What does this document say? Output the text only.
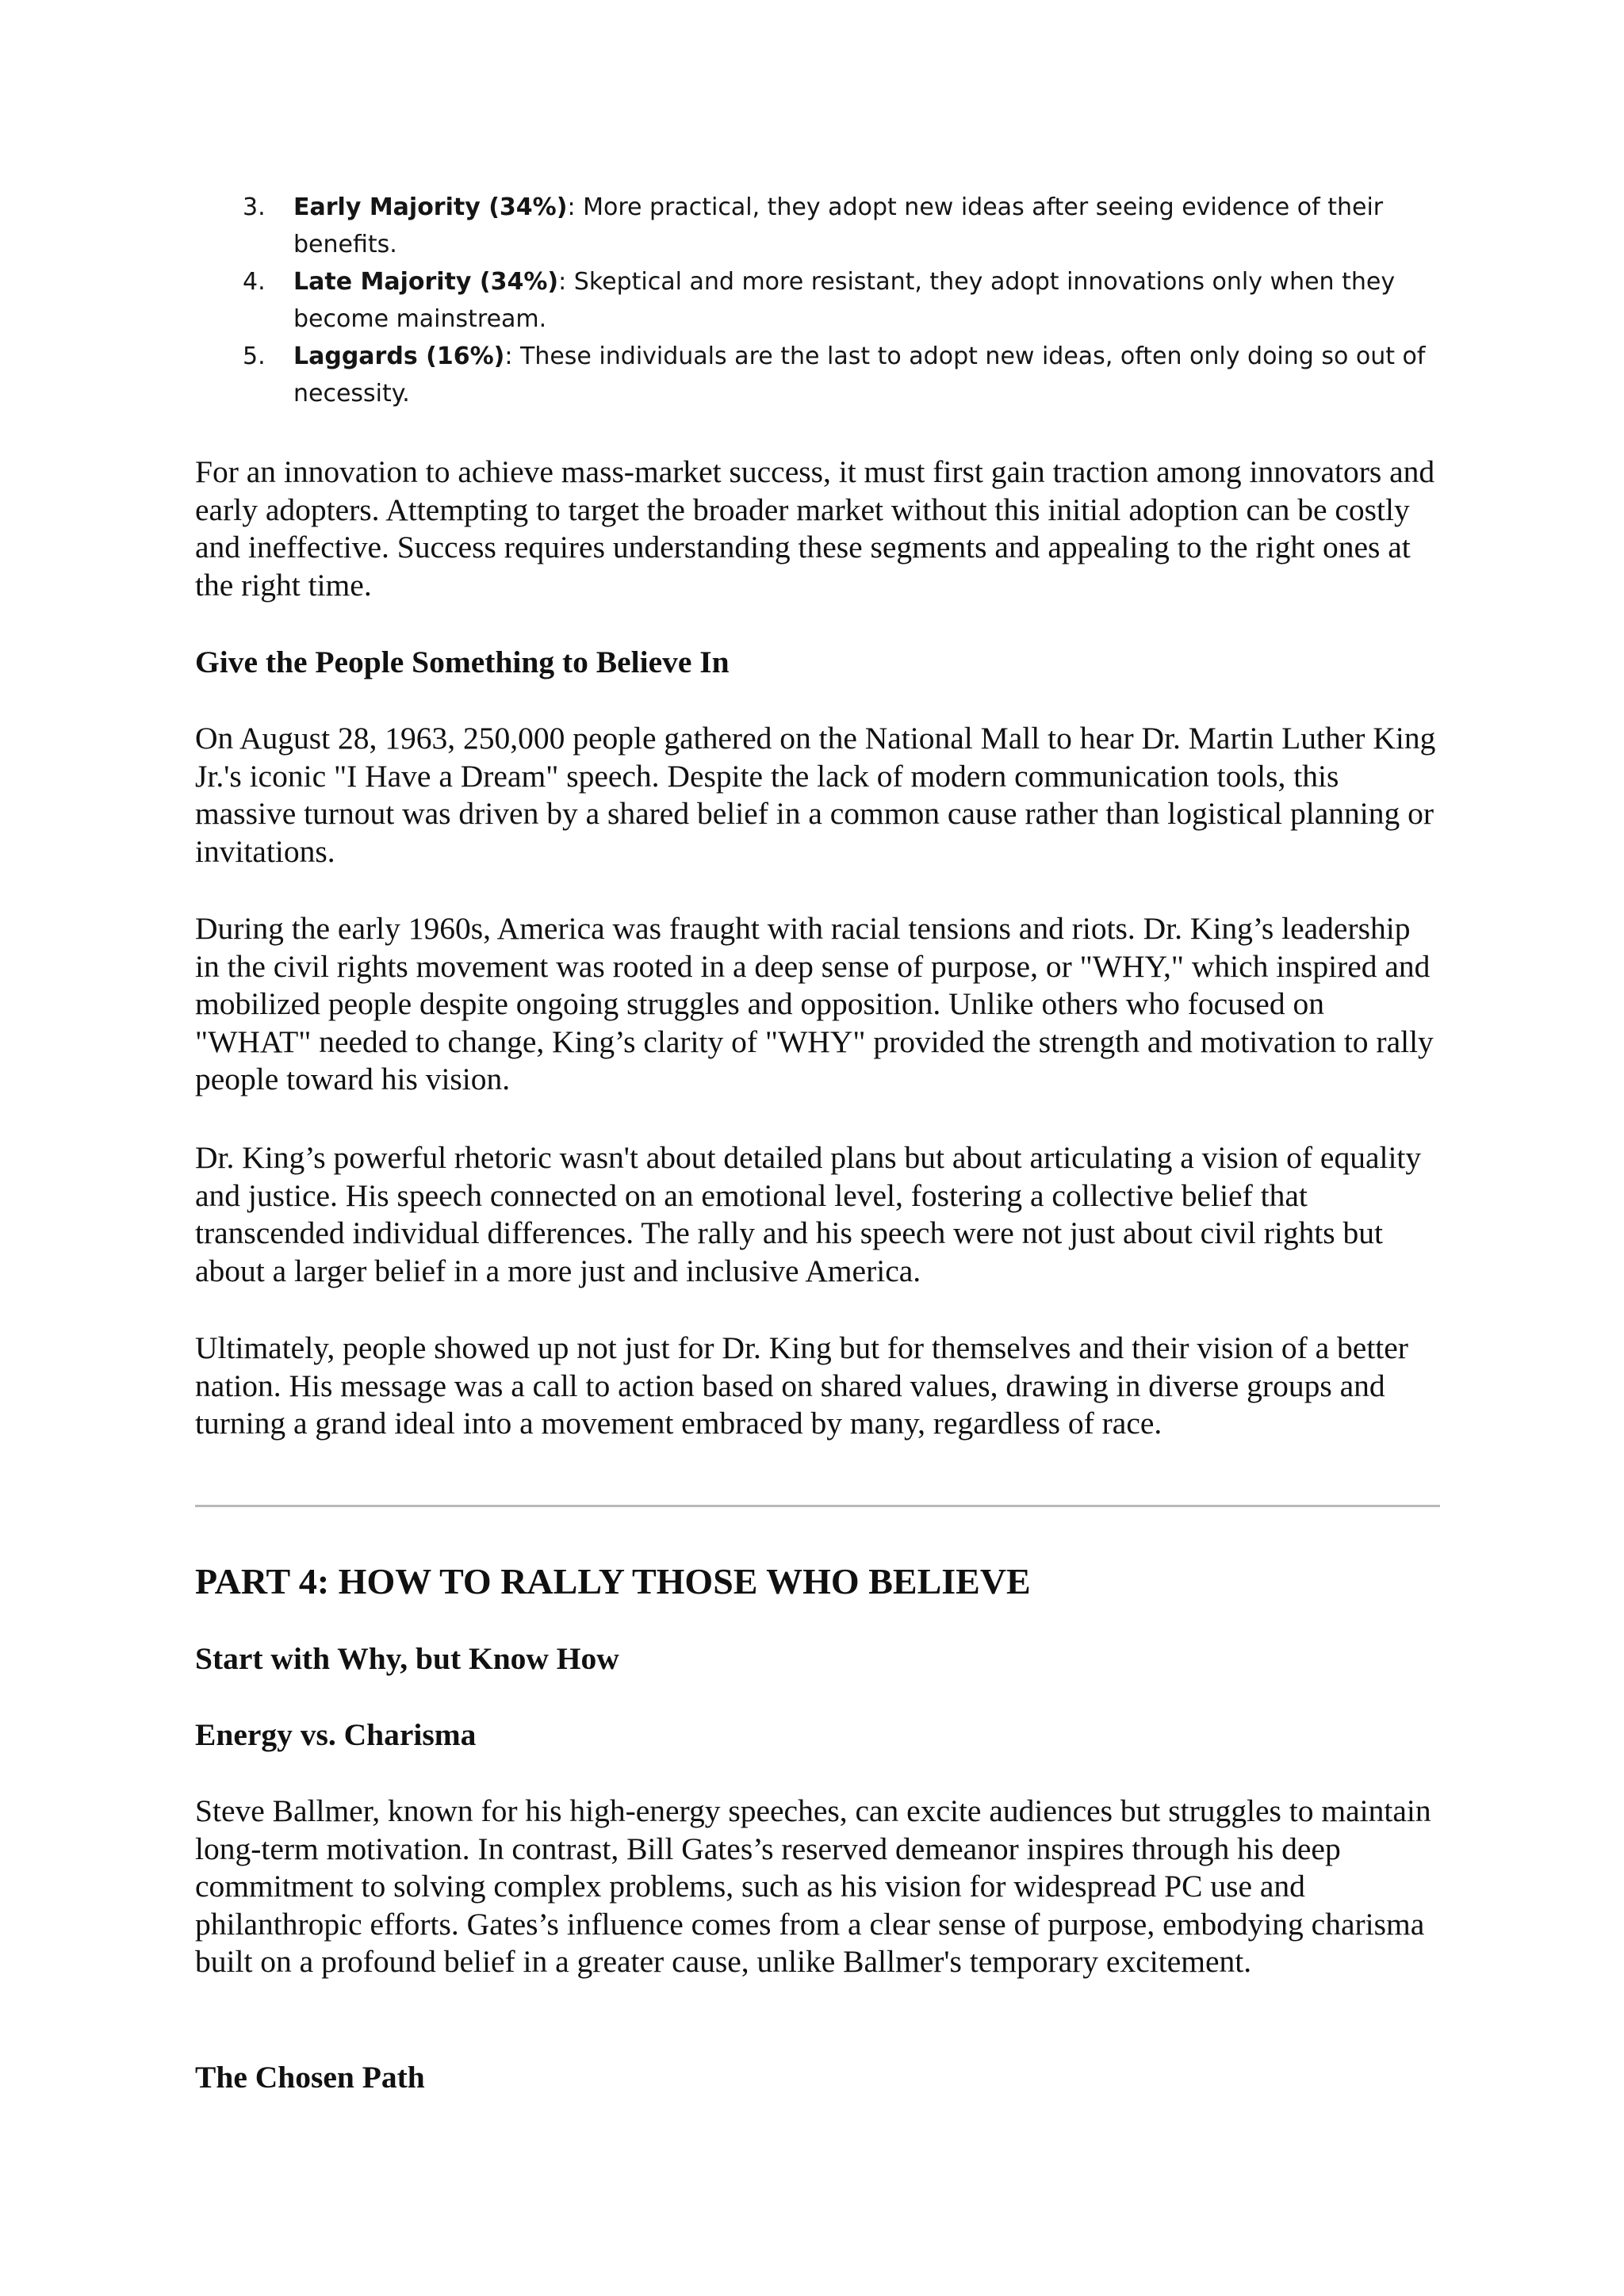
3. Early Majority (34%): More practical, they adopt new ideas after seeing evidence of their benefits.
4. Late Majority (34%): Skeptical and more resistant, they adopt innovations only when they become mainstream.
5. Laggards (16%): These individuals are the last to adopt new ideas, often only doing so out of necessity.

For an innovation to achieve mass-market success, it must first gain traction among innovators and early adopters. Attempting to target the broader market without this initial adoption can be costly and ineffective. Success requires understanding these segments and appealing to the right ones at the right time.

Give the People Something to Believe In

On August 28, 1963, 250,000 people gathered on the National Mall to hear Dr. Martin Luther King Jr.'s iconic "I Have a Dream" speech. Despite the lack of modern communication tools, this massive turnout was driven by a shared belief in a common cause rather than logistical planning or invitations.

During the early 1960s, America was fraught with racial tensions and riots. Dr. King’s leadership in the civil rights movement was rooted in a deep sense of purpose, or "WHY," which inspired and mobilized people despite ongoing struggles and opposition. Unlike others who focused on "WHAT" needed to change, King’s clarity of "WHY" provided the strength and motivation to rally people toward his vision.

Dr. King’s powerful rhetoric wasn't about detailed plans but about articulating a vision of equality and justice. His speech connected on an emotional level, fostering a collective belief that transcended individual differences. The rally and his speech were not just about civil rights but about a larger belief in a more just and inclusive America.

Ultimately, people showed up not just for Dr. King but for themselves and their vision of a better nation. His message was a call to action based on shared values, drawing in diverse groups and turning a grand ideal into a movement embraced by many, regardless of race.

PART 4: HOW TO RALLY THOSE WHO BELIEVE
Start with Why, but Know How
Energy vs. Charisma

Steve Ballmer, known for his high-energy speeches, can excite audiences but struggles to maintain long-term motivation. In contrast, Bill Gates’s reserved demeanor inspires through his deep commitment to solving complex problems, such as his vision for widespread PC use and philanthropic efforts. Gates’s influence comes from a clear sense of purpose, embodying charisma built on a profound belief in a greater cause, unlike Ballmer's temporary excitement.

The Chosen Path
